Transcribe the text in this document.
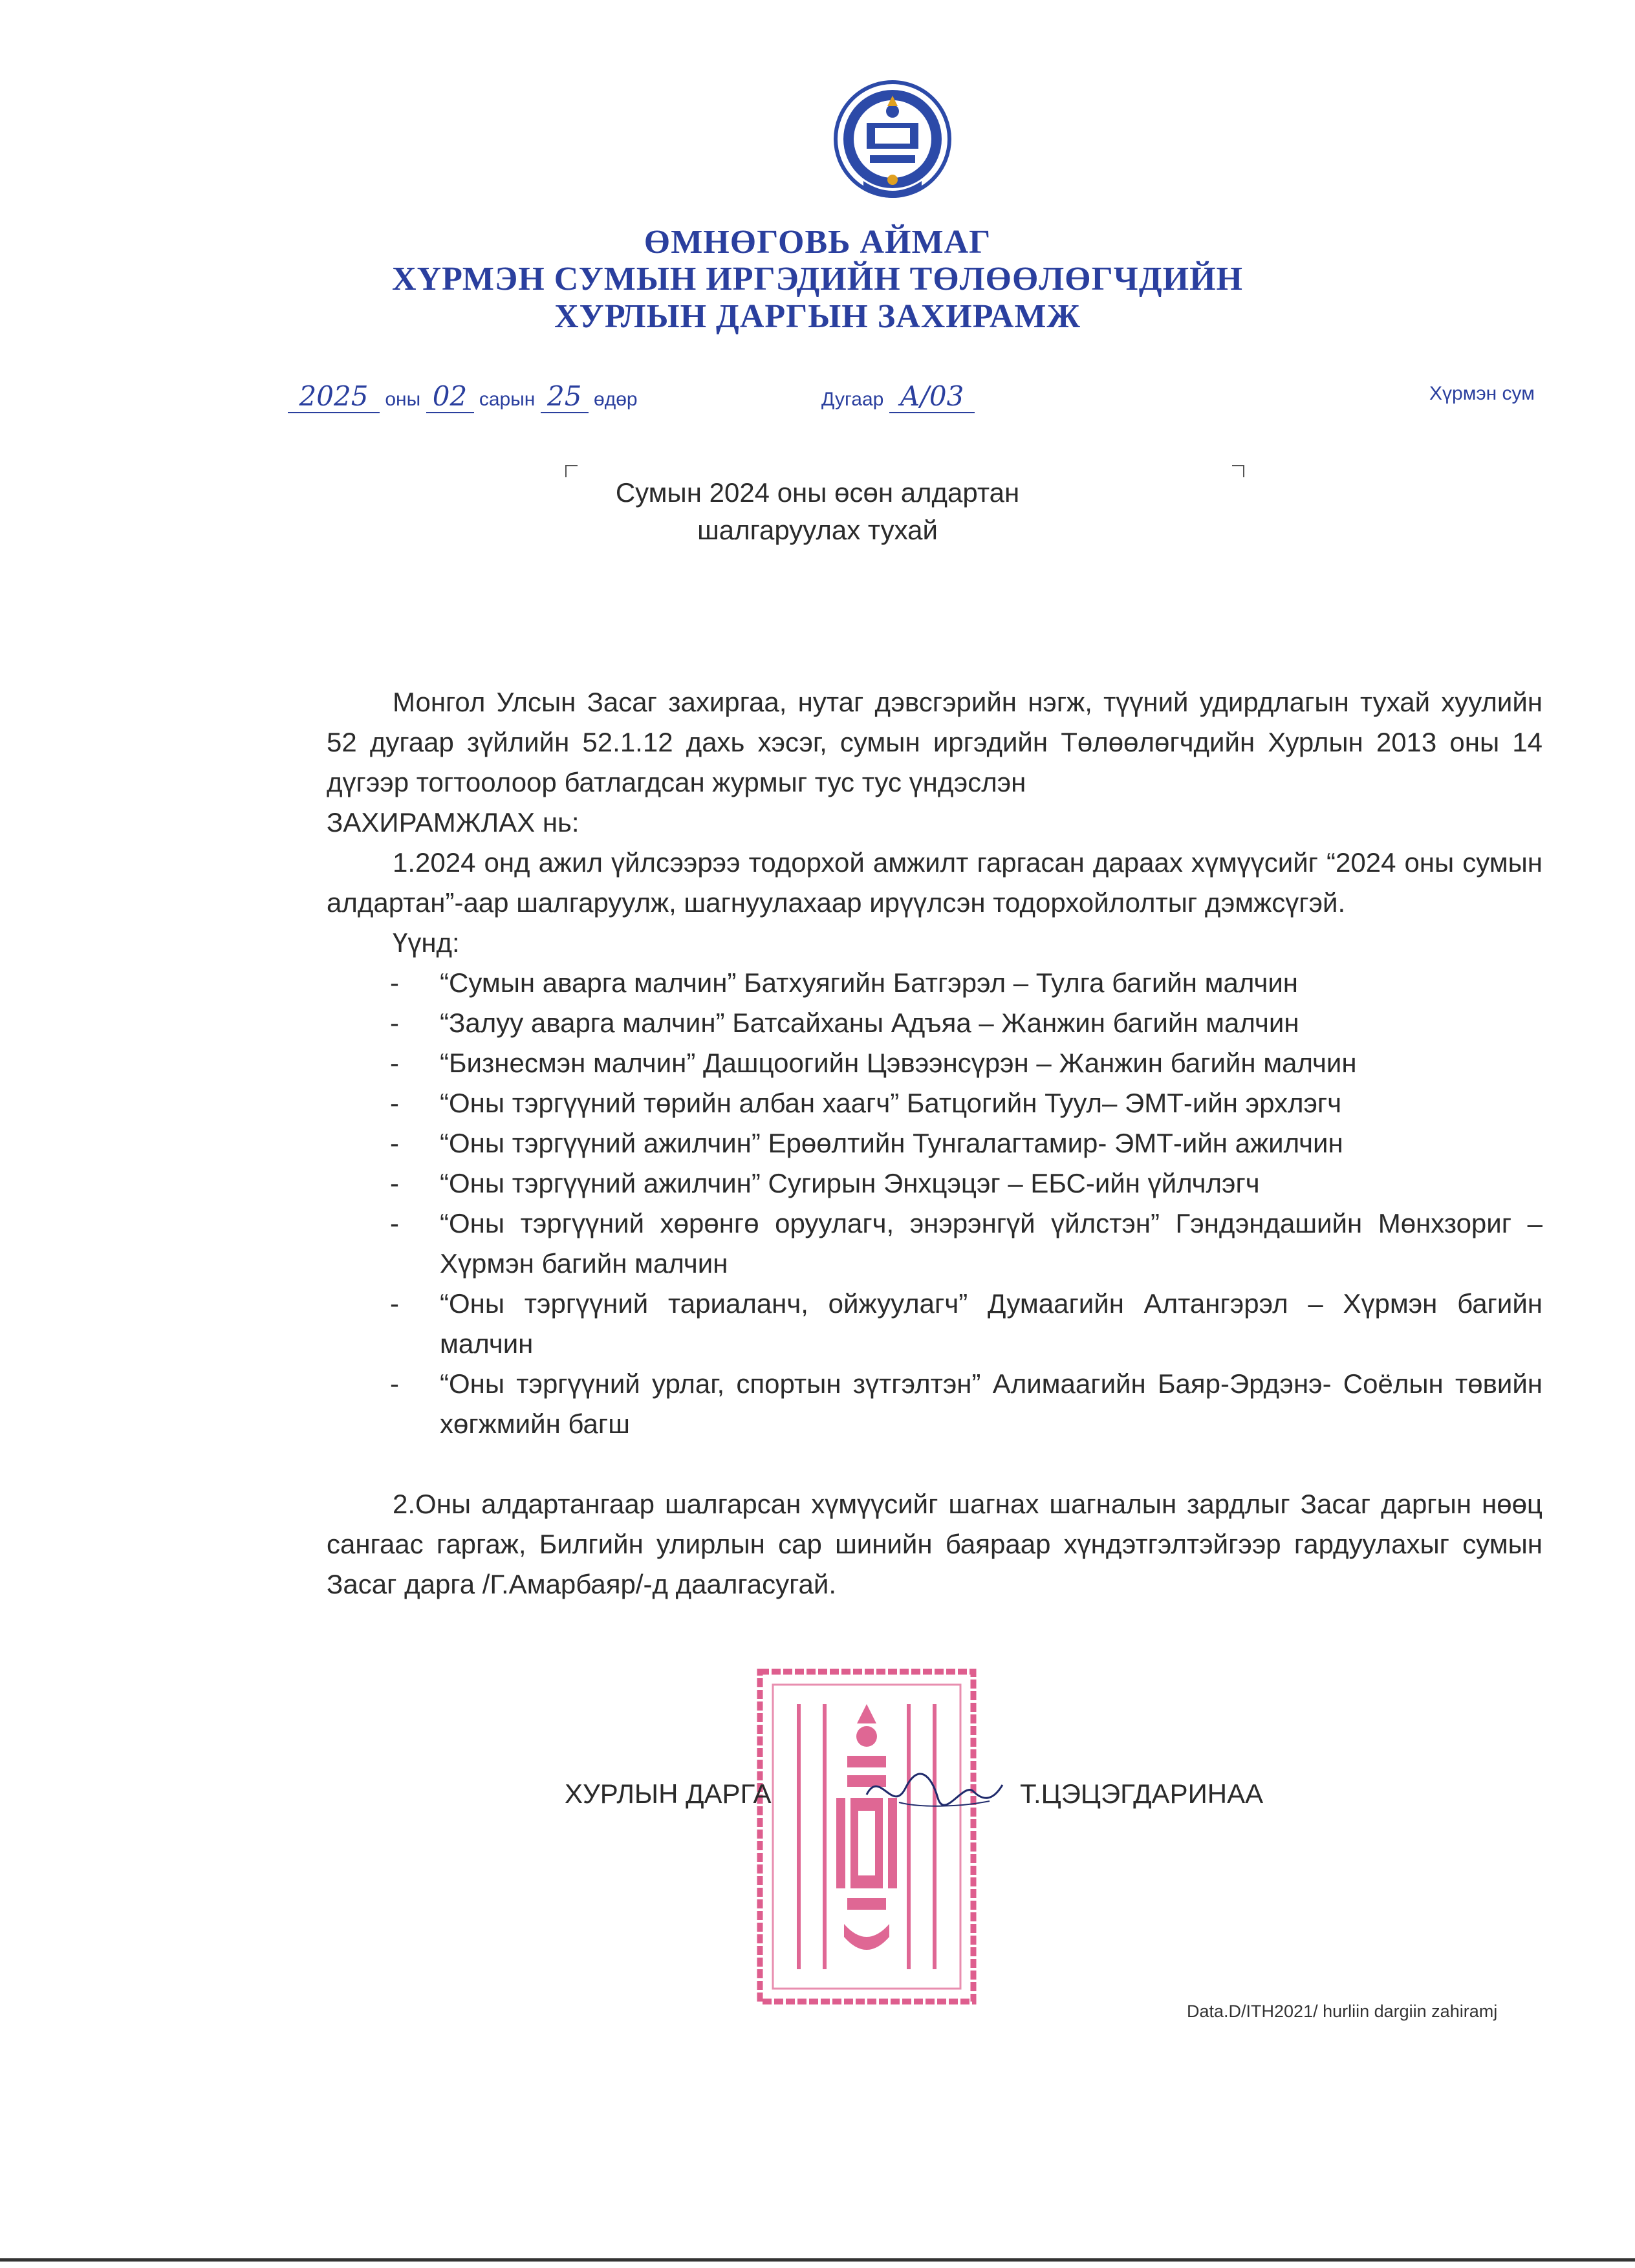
ӨМНӨГОВЬ АЙМАГ
ХҮРМЭН СУМЫН ИРГЭДИЙН ТӨЛӨӨЛӨГЧДИЙН
ХУРЛЫН ДАРГЫН ЗАХИРАМЖ
2025 оны 02 сарын 25 өдөр	Дугаар А/03	Хүрмэн сум
Сумын 2024 оны өсөн алдартан
шалгаруулах тухай

Монгол Улсын Засаг захиргаа, нутаг дэвсгэрийн нэгж, түүний удирдлагын тухай хуулийн 52 дугаар зүйлийн 52.1.12 дахь хэсэг, сумын иргэдийн Төлөөлөгчдийн Хурлын 2013 оны 14 дүгээр тогтоолоор батлагдсан журмыг тус тус үндэслэн

ЗАХИРАМЖЛАХ нь:

1.2024 онд ажил үйлсээрээ тодорхой амжилт гаргасан дараах хүмүүсийг “2024 оны сумын алдартан”-аар шалгаруулж, шагнуулахаар ирүүлсэн тодорхойлолтыг дэмжсүгэй.

Үүнд:

- “Сумын аварга малчин” Батхуягийн Батгэрэл – Тулга багийн малчин
- “Залуу аварга малчин” Батсайханы Адъяа – Жанжин багийн малчин
- “Бизнесмэн малчин” Дашцоогийн Цэвээнсүрэн – Жанжин багийн малчин
- “Оны тэргүүний төрийн албан хаагч” Батцогийн Туул– ЭМТ-ийн эрхлэгч
- “Оны тэргүүний ажилчин” Ерөөлтийн Тунгалагтамир- ЭМТ-ийн ажилчин
- “Оны тэргүүний ажилчин” Сугирын Энхцэцэг – ЕБС-ийн үйлчлэгч
- “Оны тэргүүний хөрөнгө оруулагч, энэрэнгүй үйлстэн” Гэндэндашийн Мөнхзориг – Хүрмэн багийн малчин
- “Оны тэргүүний тариаланч, ойжуулагч” Думаагийн Алтангэрэл – Хүрмэн багийн малчин
- “Оны тэргүүний урлаг, спортын зүтгэлтэн” Алимаагийн Баяр-Эрдэнэ- Соёлын төвийн хөгжмийн багш

2.Оны алдартангаар шалгарсан хүмүүсийг шагнах шагналын зардлыг Засаг даргын нөөц сангаас гаргаж, Билгийн улирлын сар шинийн баяраар хүндэтгэлтэйгээр гардуулахыг сумын Засаг дарга /Г.Амарбаяр/-д даалгасугай.

ХУРЛЫН ДАРГА	Т.ЦЭЦЭГДАРИНАА
Data.D/ITH2021/ hurliin dargiin zahiramj
